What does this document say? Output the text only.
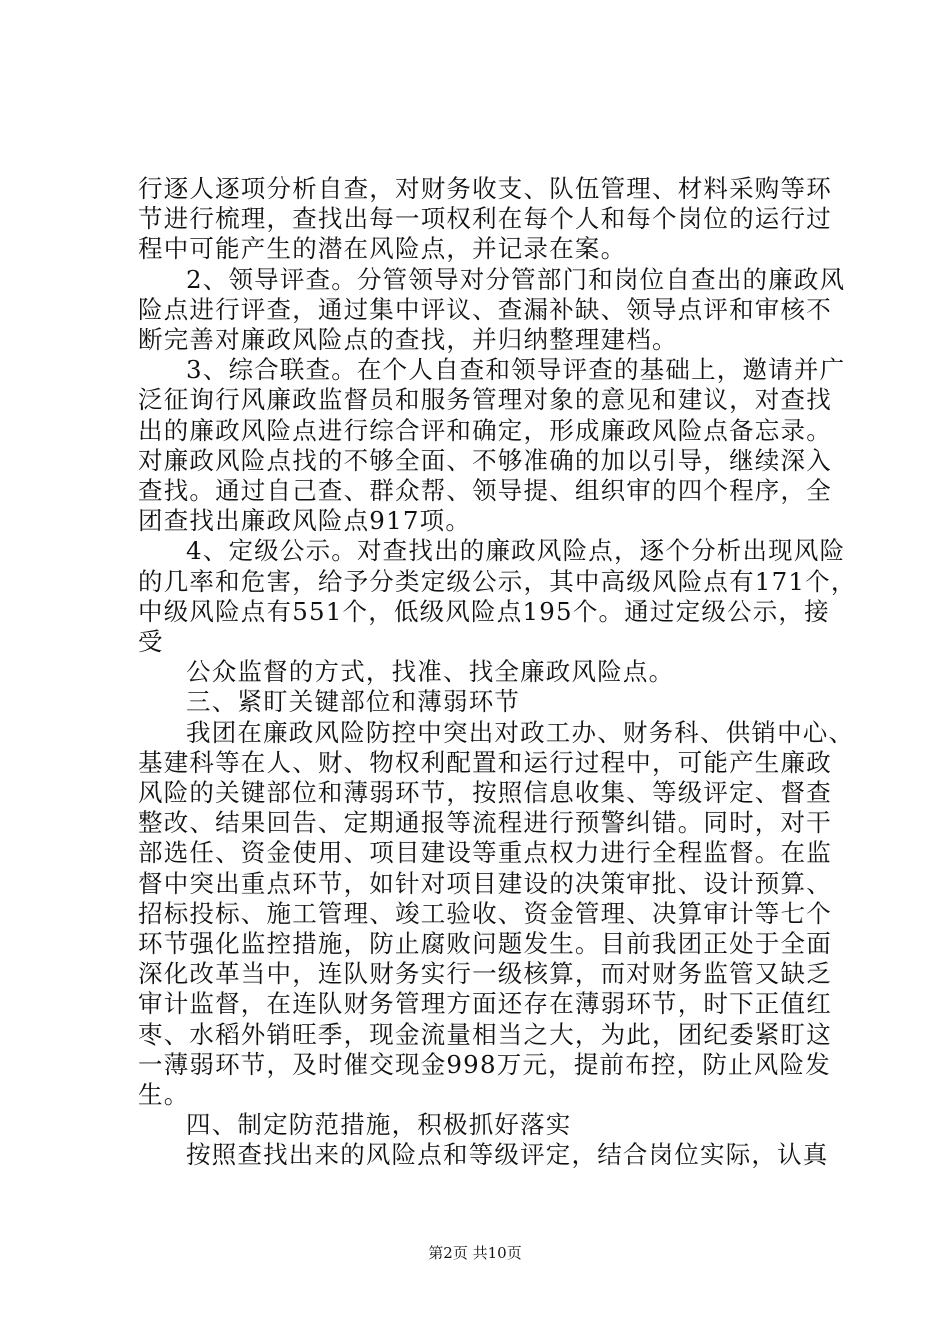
行逐人逐项分析自查，对财务收支、队伍管理、材料采购等环
节进行梳理，查找出每一项权利在每个人和每个岗位的运行过
程中可能产生的潜在风险点，并记录在案。
2、领导评查。分管领导对分管部门和岗位自查出的廉政风
险点进行评查，通过集中评议、查漏补缺、领导点评和审核不
断完善对廉政风险点的查找，并归纳整理建档。
3、综合联查。在个人自查和领导评查的基础上，邀请并广
泛征询行风廉政监督员和服务管理对象的意见和建议，对查找
出的廉政风险点进行综合评和确定，形成廉政风险点备忘录。
对廉政风险点找的不够全面、不够准确的加以引导，继续深入
查找。通过自己查、群众帮、领导提、组织审的四个程序，全
团查找出廉政风险点917项。
4、定级公示。对查找出的廉政风险点，逐个分析出现风险
的几率和危害，给予分类定级公示，其中高级风险点有171个，
中级风险点有551个，低级风险点195个。通过定级公示，接
受
公众监督的方式，找准、找全廉政风险点。
三、紧盯关键部位和薄弱环节
我团在廉政风险防控中突出对政工办、财务科、供销中心、
基建科等在人、财、物权利配置和运行过程中，可能产生廉政
风险的关键部位和薄弱环节，按照信息收集、等级评定、督查
整改、结果回告、定期通报等流程进行预警纠错。同时，对干
部选任、资金使用、项目建设等重点权力进行全程监督。在监
督中突出重点环节，如针对项目建设的决策审批、设计预算、
招标投标、施工管理、竣工验收、资金管理、决算审计等七个
环节强化监控措施，防止腐败问题发生。目前我团正处于全面
深化改革当中，连队财务实行一级核算，而对财务监管又缺乏
审计监督，在连队财务管理方面还存在薄弱环节，时下正值红
枣、水稻外销旺季，现金流量相当之大，为此，团纪委紧盯这
一薄弱环节，及时催交现金998万元，提前布控，防止风险发
生。
四、制定防范措施，积极抓好落实
按照查找出来的风险点和等级评定，结合岗位实际，认真
第2页 共10页
